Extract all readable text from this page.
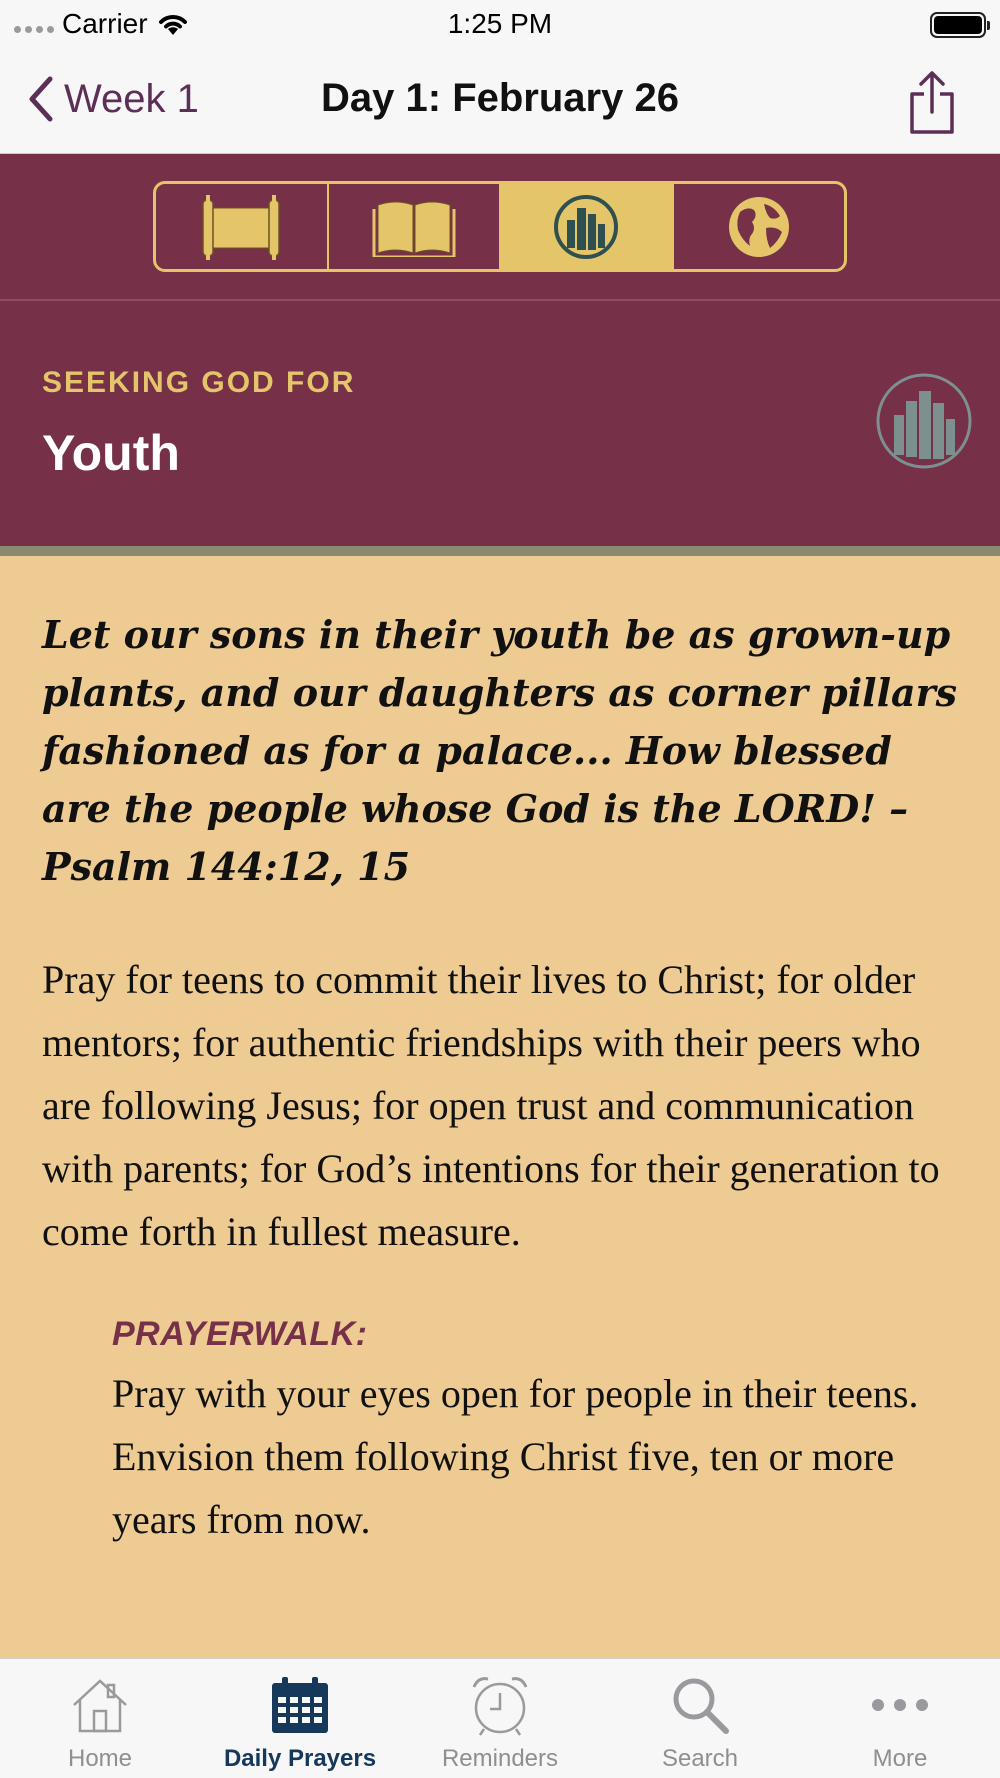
Carrier	1:25 PM
Week 1	Day 1: February 26
SEEKING GOD FOR
Youth

Let our sons in their youth be as grown-up plants, and our daughters as corner pillars fashioned as for a palace... How blessed are the people whose God is the LORD! – Psalm 144:12, 15

Pray for teens to commit their lives to Christ; for older mentors; for authentic friendships with their peers who are following Jesus; for open trust and communication with parents; for God’s intentions for their generation to come forth in fullest measure.

PRAYERWALK:

Pray with your eyes open for people in their teens. Envision them following Christ five, ten or more years from now.

Home	Daily Prayers	Reminders	Search	More
